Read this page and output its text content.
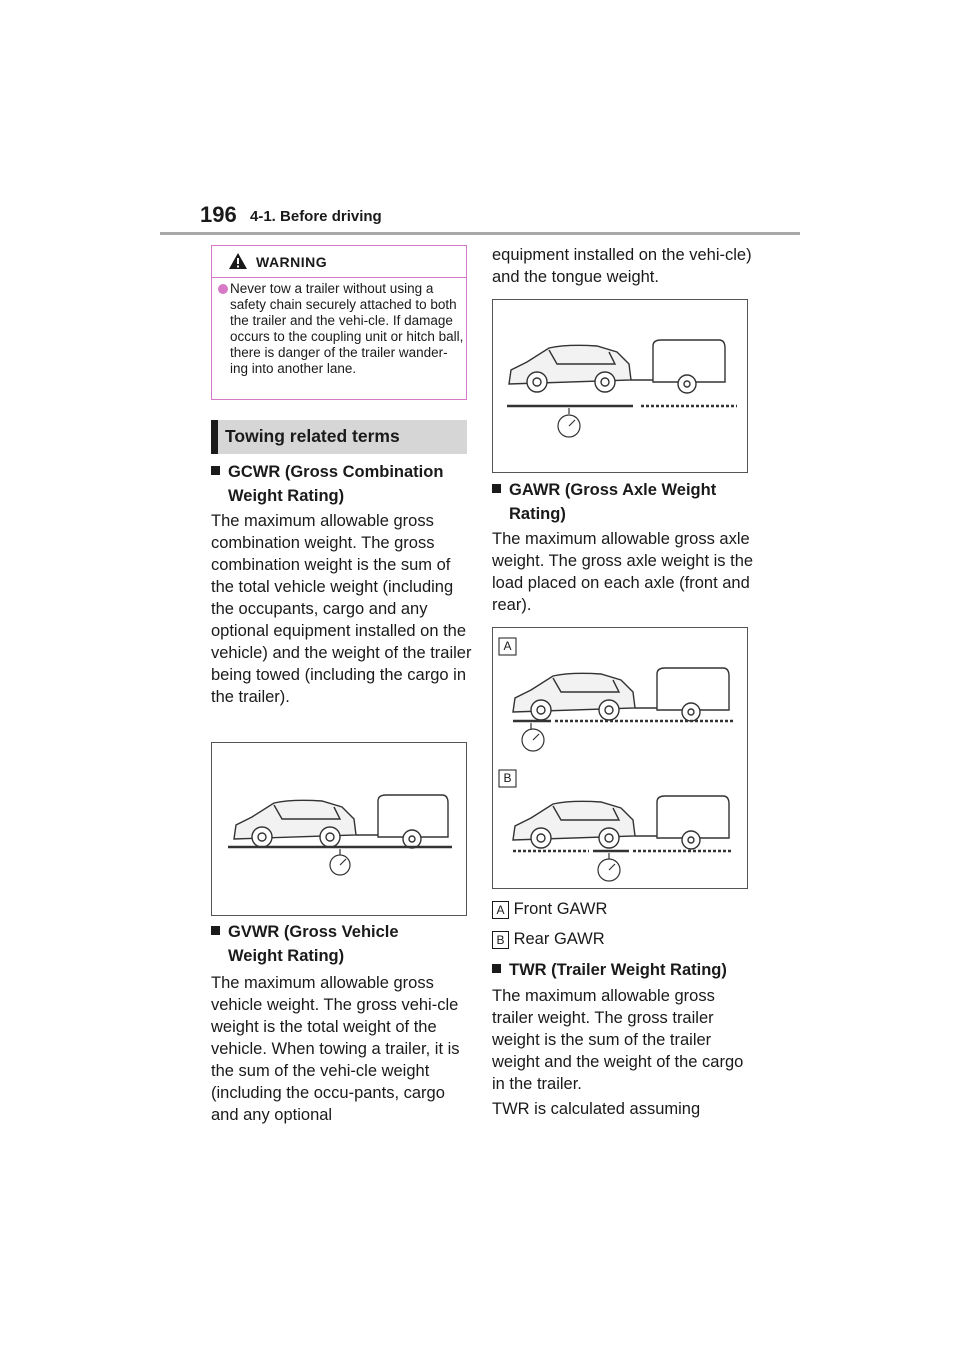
196 4-1. Before driving
WARNING

Never tow a trailer without using a safety chain securely attached to both the trailer and the vehi-cle. If damage occurs to the coupling unit or hitch ball, there is danger of the trailer wander-ing into another lane.

Towing related terms
GCWR (Gross Combination
Weight Rating)

The maximum allowable gross combination weight. The gross combination weight is the sum of the total vehicle weight (including the occupants, cargo and any optional equipment installed on the vehicle) and the weight of the trailer being towed (including the cargo in the trailer).

GVWR (Gross Vehicle
Weight Rating)

The maximum allowable gross vehicle weight. The gross vehi-cle weight is the total weight of the vehicle. When towing a trailer, it is the sum of the vehi-cle weight (including the occu-pants, cargo and any optional

equipment installed on the vehi-cle) and the tongue weight.

GAWR (Gross Axle Weight
Rating)

The maximum allowable gross axle weight. The gross axle weight is the load placed on each axle (front and rear).

A
B
A Front GAWR
B Rear GAWR
TWR (Trailer Weight Rating)

The maximum allowable gross trailer weight. The gross trailer weight is the sum of the trailer weight and the weight of the cargo in the trailer.

TWR is calculated assuming
